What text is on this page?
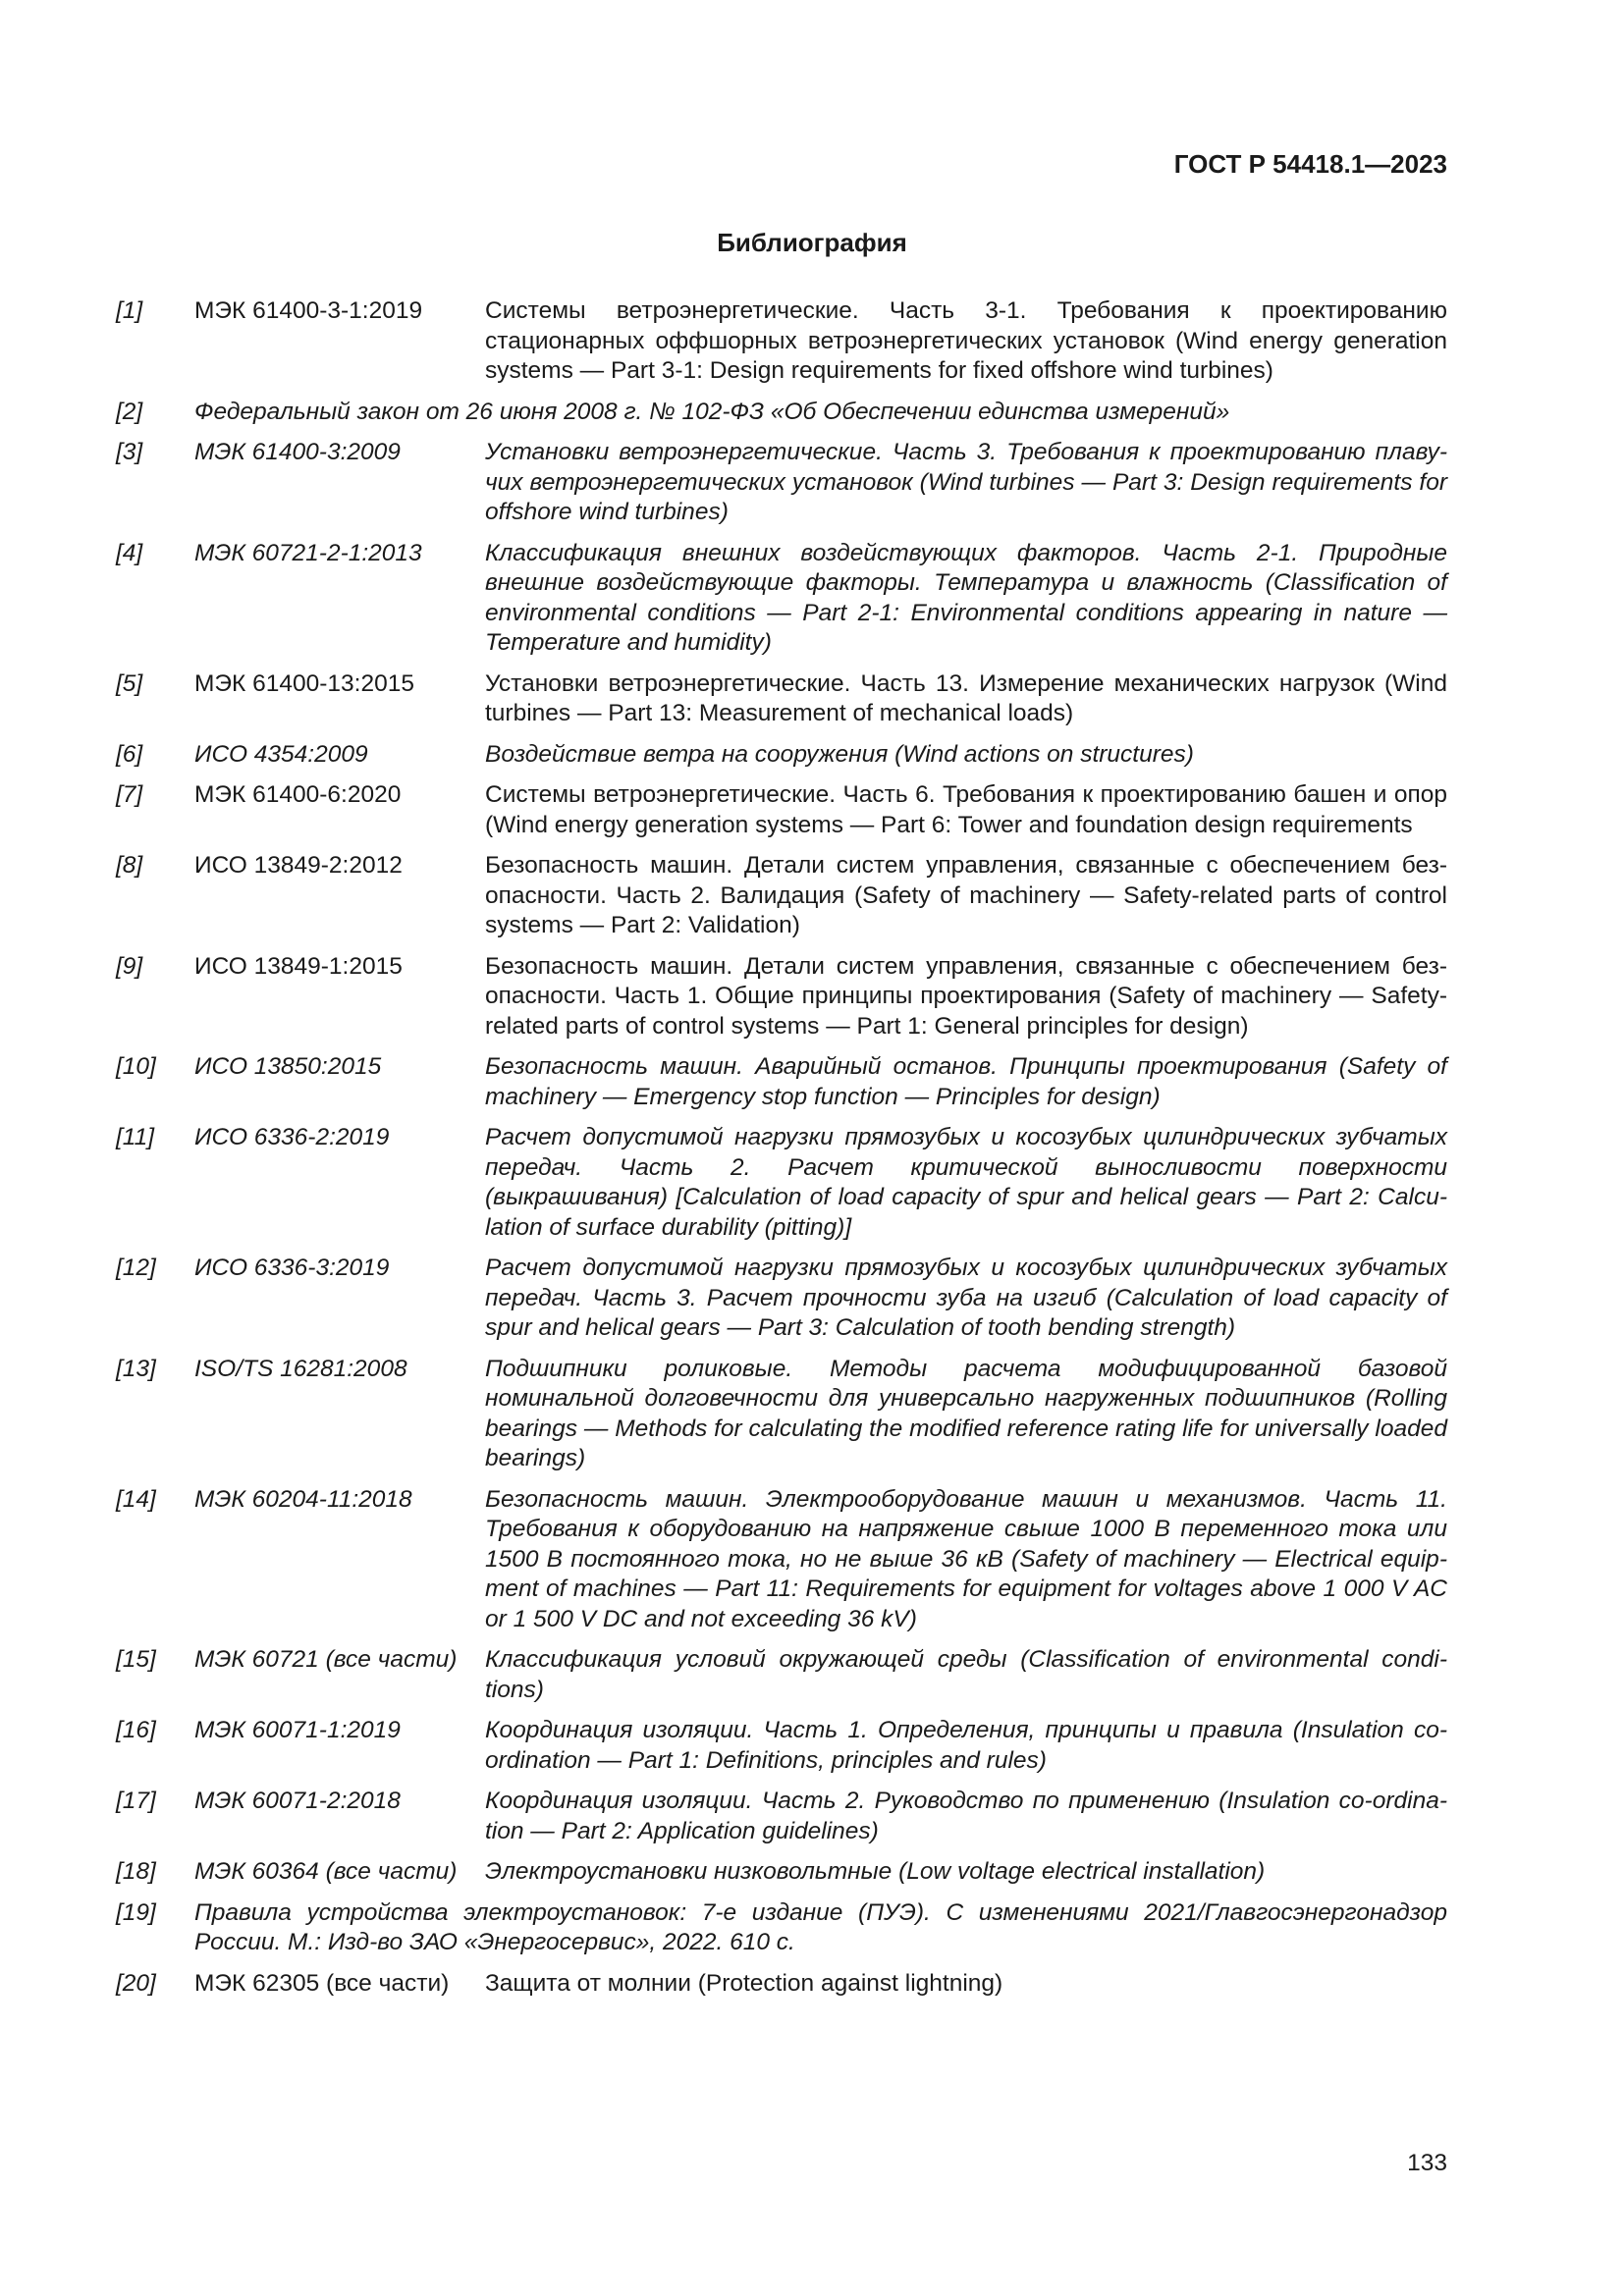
ГОСТ Р 54418.1—2023
Библиография
[1] МЭК 61400-3-1:2019	Системы ветроэнергетические. Часть 3-1. Требования к проектированию стационарных оффшорных ветроэнергетических установок (Wind energy generation systems — Part 3-1: Design requirements for fixed offshore wind turbines)
[2] Федеральный закон от 26 июня 2008 г. № 102-ФЗ «Об Обеспечении единства измерений»
[3] МЭК 61400-3:2009	Установки ветроэнергетические. Часть 3. Требования к проектированию плавучих ветроэнергетических установок (Wind turbines — Part 3: Design requirements for offshore wind turbines)
[4] МЭК 60721-2-1:2013	Классификация внешних воздействующих факторов. Часть 2-1. Природные внешние воздействующие факторы. Температура и влажность (Classification of environmental conditions — Part 2-1: Environmental conditions appearing in nature — Temperature and humidity)
[5] МЭК 61400-13:2015	Установки ветроэнергетические. Часть 13. Измерение механических нагрузок (Wind turbines — Part 13: Measurement of mechanical loads)
[6] ИСО 4354:2009	Воздействие ветра на сооружения (Wind actions on structures)
[7] МЭК 61400-6:2020	Системы ветроэнергетические. Часть 6. Требования к проектированию башен и опор (Wind energy generation systems — Part 6: Tower and foundation design requirements
[8] ИСО 13849-2:2012	Безопасность машин. Детали систем управления, связанные с обеспечением безопасности. Часть 2. Валидация (Safety of machinery — Safety-related parts of control systems — Part 2: Validation)
[9] ИСО 13849-1:2015	Безопасность машин. Детали систем управления, связанные с обеспечением безопасности. Часть 1. Общие принципы проектирования (Safety of machinery — Safety-related parts of control systems — Part 1: General principles for design)
[10] ИСО 13850:2015	Безопасность машин. Аварийный останов. Принципы проектирования (Safety of machinery — Emergency stop function — Principles for design)
[11] ИСО 6336-2:2019	Расчет допустимой нагрузки прямозубых и косозубых цилиндрических зубчатых передач. Часть 2. Расчет критической выносливости поверхности (выкрашивания) [Calculation of load capacity of spur and helical gears — Part 2: Calculation of surface durability (pitting)]
[12] ИСО 6336-3:2019	Расчет допустимой нагрузки прямозубых и косозубых цилиндрических зубчатых передач. Часть 3. Расчет прочности зуба на изгиб (Calculation of load capacity of spur and helical gears — Part 3: Calculation of tooth bending strength)
[13] ISO/TS 16281:2008	Подшипники роликовые. Методы расчета модифицированной базовой номинальной долговечности для универсально нагруженных подшипников (Rolling bearings — Methods for calculating the modified reference rating life for universally loaded bearings)
[14] МЭК 60204-11:2018	Безопасность машин. Электрооборудование машин и механизмов. Часть 11. Требования к оборудованию на напряжение свыше 1000 В переменного тока или 1500 В постоянного тока, но не выше 36 кВ (Safety of machinery — Electrical equipment of machines — Part 11: Requirements for equipment for voltages above 1 000 V AC or 1 500 V DC and not exceeding 36 kV)
[15] МЭК 60721 (все части)	Классификация условий окружающей среды (Classification of environmental conditions)
[16] МЭК 60071-1:2019	Координация изоляции. Часть 1. Определения, принципы и правила (Insulation co-ordination — Part 1: Definitions, principles and rules)
[17] МЭК 60071-2:2018	Координация изоляции. Часть 2. Руководство по применению (Insulation co-ordination — Part 2: Application guidelines)
[18] МЭК 60364 (все части)	Электроустановки низковольтные (Low voltage electrical installation)
[19] Правила устройства электроустановок: 7-е издание (ПУЭ). С изменениями 2021/Главгосэнергонадзор России. М.: Изд-во ЗАО «Энергосервис», 2022. 610 с.
[20] МЭК 62305 (все части)	Защита от молнии (Protection against lightning)
133
